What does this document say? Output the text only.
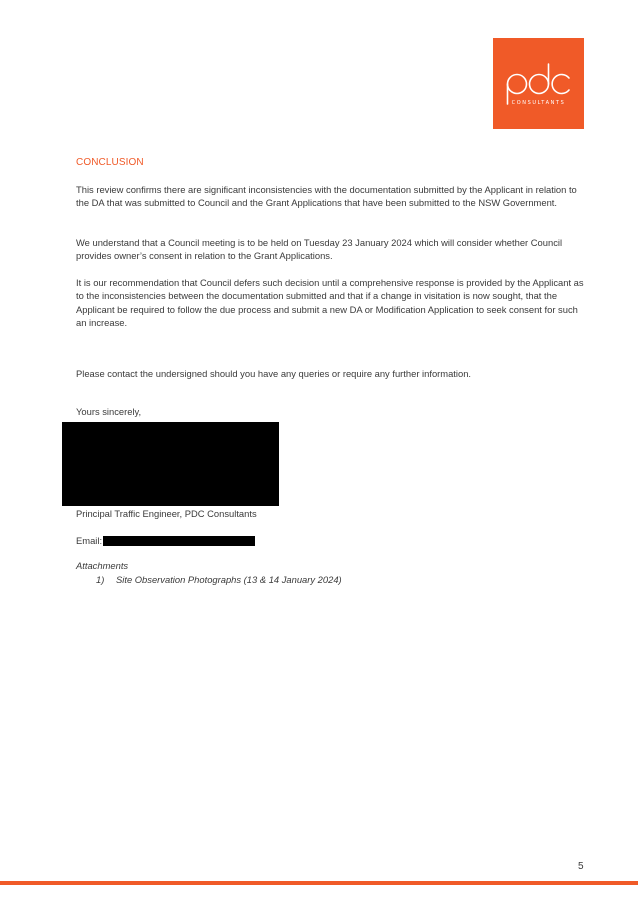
CONSULTANTS
CONCLUSION

This review confirms there are significant inconsistencies with the documentation submitted by the Applicant in relation to the DA that was submitted to Council and the Grant Applications that have been submitted to the NSW Government.

We understand that a Council meeting is to be held on Tuesday 23 January 2024 which will consider whether Council provides owner’s consent in relation to the Grant Applications.

It is our recommendation that Council defers such decision until a comprehensive response is provided by the Applicant as to the inconsistencies between the documentation submitted and that if a change in visitation is now sought, that the Applicant be required to follow the due process and submit a new DA or Modification Application to seek consent for such an increase.

Please contact the undersigned should you have any queries or require any further information.

Yours sincerely,

Principal Traffic Engineer, PDC Consultants
Email:
Attachments
1) Site Observation Photographs (13 & 14 January 2024)
5
